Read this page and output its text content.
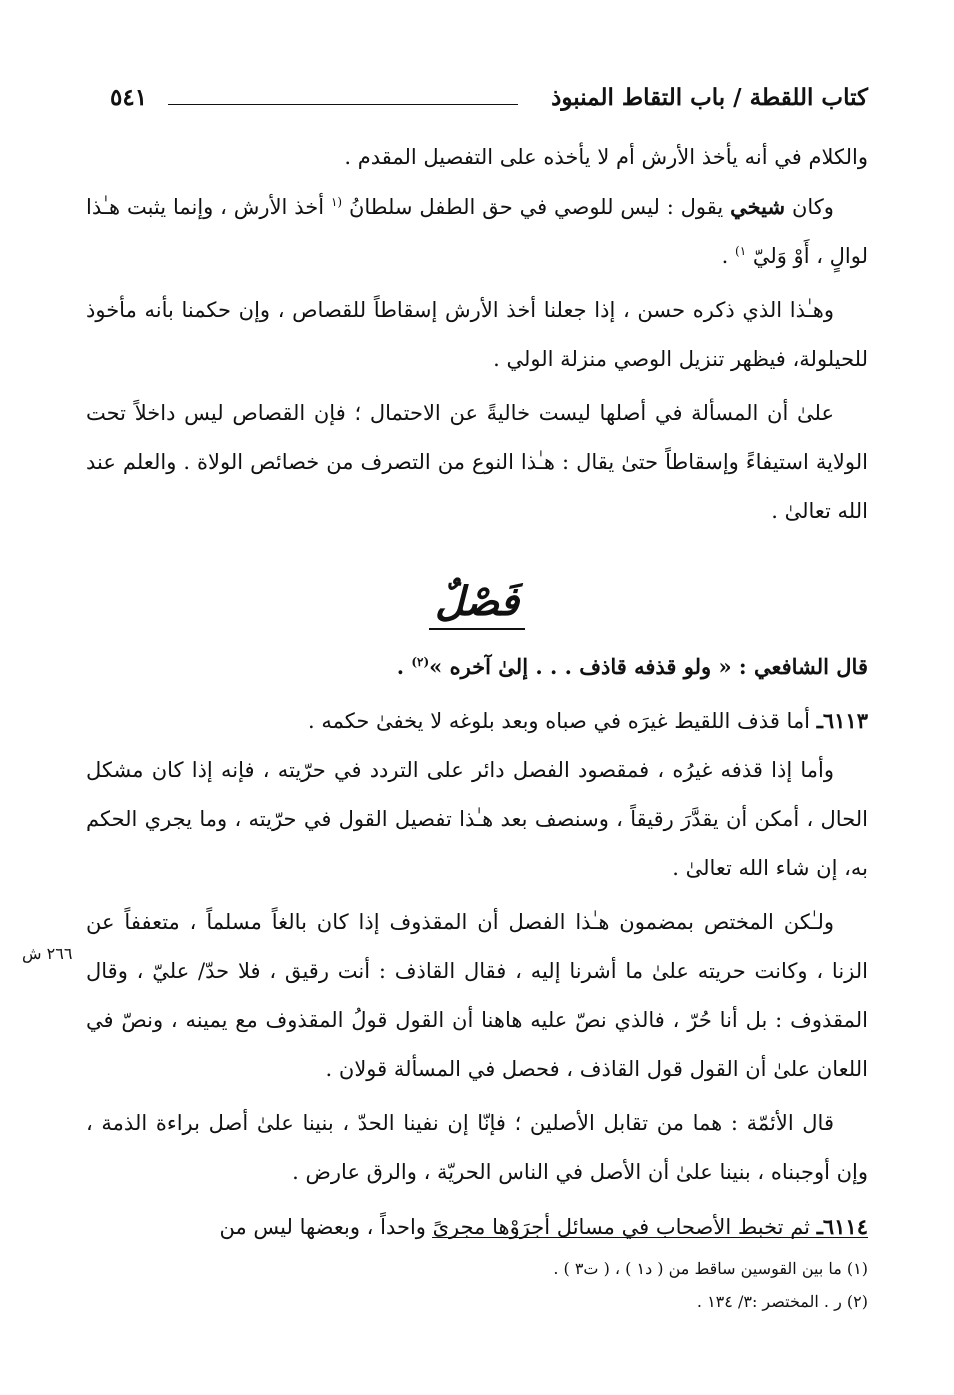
كتاب اللقطة / باب التقاط المنبوذ
٥٤١

والكلام في أنه يأخذ الأرش أم لا يأخذه على التفصيل المقدم .

وكان شيخي يقول : ليس للوصي في حق الطفل سلطانُ $^{(١}$ أخذ الأرش ، وإنما يثبت هـٰذا لوالٍ ، أَوْ وَليّ $^{١)}$ .

وهـٰذا الذي ذكره حسن ، إذا جعلنا أخذ الأرش إسقاطاً للقصاص ، وإن حكمنا بأنه مأخوذ للحيلولة، فيظهر تنزيل الوصي منزلة الولي .

علىٰ أن المسألة في أصلها ليست خاليةً عن الاحتمال ؛ فإن القصاص ليس داخلاً تحت الولاية استيفاءً وإسقاطاً حتىٰ يقال : هـٰذا النوع من التصرف من خصائص الولاة . والعلم عند الله تعالىٰ .

فَصْلٌ

قال الشافعي : « ولو قذفه قاذف . . . إلىٰ آخره »$^{(٢)}$ .

٦١١٣ـ أما قذف اللقيط غيرَه في صباه وبعد بلوغه لا يخفىٰ حكمه .

وأما إذا قذفه غيرُه ، فمقصود الفصل دائر على التردد في حرّيته ، فإنه إذا كان مشكل الحال ، أمكن أن يقدَّرَ رقيقاً ، وسنصف بعد هـٰذا تفصيل القول في حرّيته ، وما يجري الحكم به، إن شاء الله تعالىٰ .

ولـٰكن المختص بمضمون هـٰذا الفصل أن المقذوف إذا كان بالغاً مسلماً ، متعففاً عن الزنا ، وكانت حريته علىٰ ما أشرنا إليه ، فقال القاذف : أنت رقيق ، فلا حدّ/ عليّ ، وقال المقذوف : بل أنا حُرّ ، فالذي نصّ عليه هاهنا أن القول قولُ المقذوف مع يمينه ، ونصّ في اللعان علىٰ أن القول قول القاذف ، فحصل في المسألة قولان .

قال الأئمّة : هما من تقابل الأصلين ؛ فإنّا إن نفينا الحدّ ، بنينا علىٰ أصل براءة الذمة ، وإن أوجبناه ، بنينا علىٰ أن الأصل في الناس الحريّة ، والرق عارض .

٦١١٤ـ ثم تخبط الأصحاب في مسائل أجرَوْها مجرىً واحداً ، وبعضها ليس من

٢٦٦ ش
(١) ما بين القوسين ساقط من ( د١ ) ، ( ت٣ ) .
(٢) ر . المختصر :٣/ ١٣٤ .
